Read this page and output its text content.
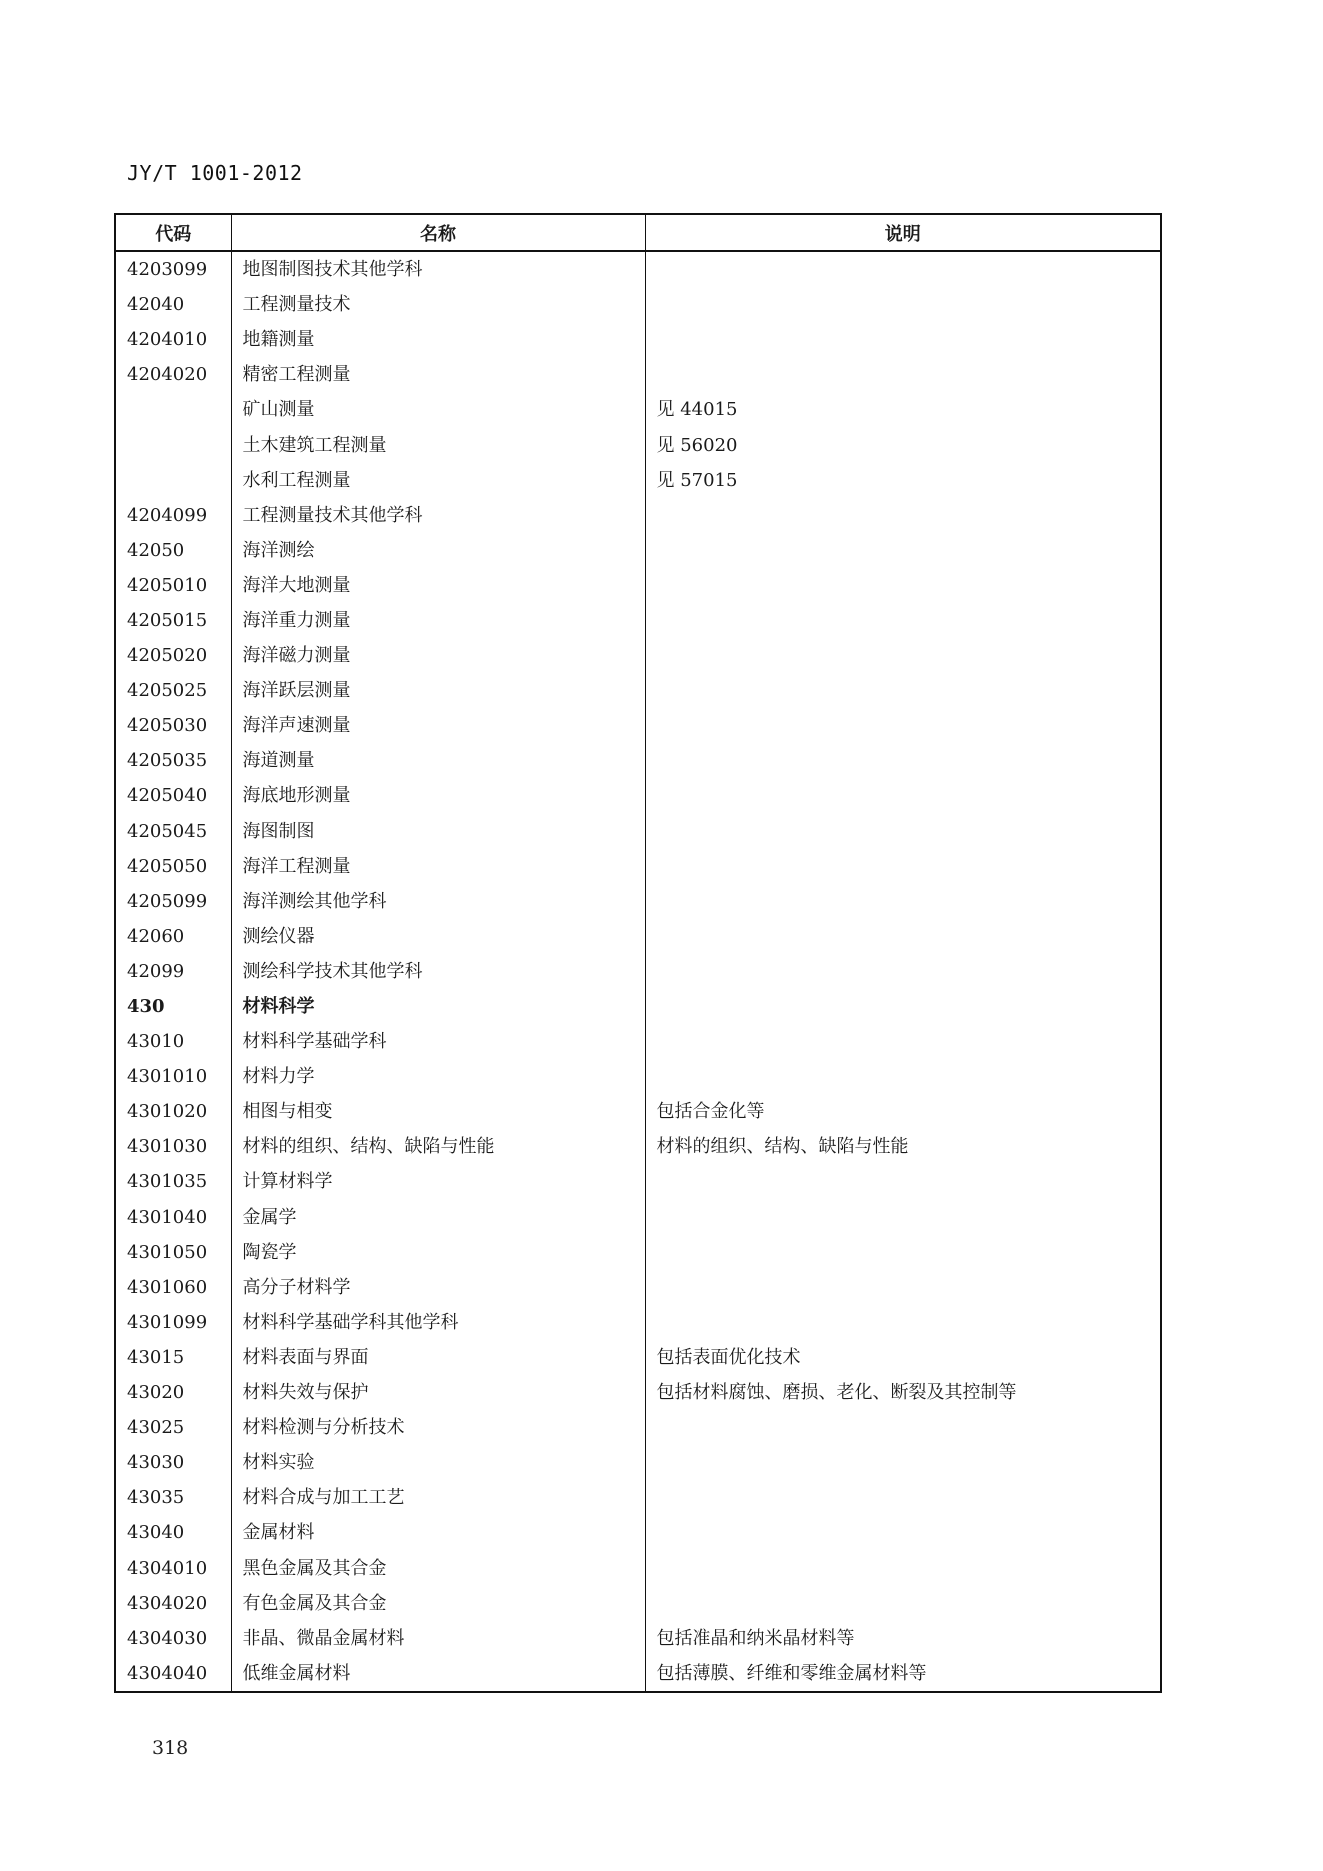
JY/T 1001-2012
代码	名称	说明
4203099	地图制图技术其他学科	
42040	工程测量技术	
4204010	地籍测量	
4204020	精密工程测量	
	矿山测量	见 44015
	土木建筑工程测量	见 56020
	水利工程测量	见 57015
4204099	工程测量技术其他学科	
42050	海洋测绘	
4205010	海洋大地测量	
4205015	海洋重力测量	
4205020	海洋磁力测量	
4205025	海洋跃层测量	
4205030	海洋声速测量	
4205035	海道测量	
4205040	海底地形测量	
4205045	海图制图	
4205050	海洋工程测量	
4205099	海洋测绘其他学科	
42060	测绘仪器	
42099	测绘科学技术其他学科	
430	材料科学	
43010	材料科学基础学科	
4301010	材料力学	
4301020	相图与相变	包括合金化等
4301030	材料的组织、结构、缺陷与性能	材料的组织、结构、缺陷与性能
4301035	计算材料学	
4301040	金属学	
4301050	陶瓷学	
4301060	高分子材料学	
4301099	材料科学基础学科其他学科	
43015	材料表面与界面	包括表面优化技术
43020	材料失效与保护	包括材料腐蚀、磨损、老化、断裂及其控制等
43025	材料检测与分析技术	
43030	材料实验	
43035	材料合成与加工工艺	
43040	金属材料	
4304010	黑色金属及其合金	
4304020	有色金属及其合金	
4304030	非晶、微晶金属材料	包括准晶和纳米晶材料等
4304040	低维金属材料	包括薄膜、纤维和零维金属材料等
318
